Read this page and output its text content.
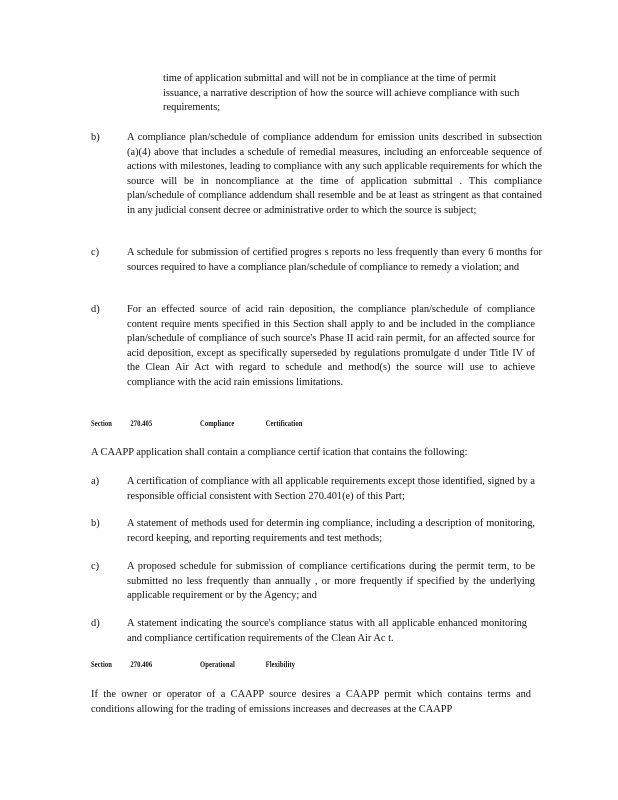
time of application submittal and will not be in compliance at the time of permit issuance, a narrative description of how the source will achieve compliance with such requirements;
b)	A compliance plan/schedule of compliance addendum for emission units described in subsection (a)(4) above that includes a schedule of remedial measures, including an enforceable sequence of actions with milestones, leading to compliance with any such applicable requirements for which the source will be in noncompliance at the time of application submittal . This compliance plan/schedule of compliance addendum shall resemble and be at least as stringent as that contained in any judicial consent decree or administrative order to which the source is subject;
c)	A schedule for submission of certified progres s reports no less frequently than every 6 months for sources required to have a compliance plan/schedule of compliance to remedy a violation; and
d)	For an effected source of acid rain deposition, the compliance plan/schedule of compliance content require ments specified in this Section shall apply to and be included in the compliance plan/schedule of compliance of such source's Phase II acid rain permit, for an affected source for acid deposition, except as specifically superseded by regulations promulgate d under Title IV of the Clean Air Act with regard to schedule and method(s) the source will use to achieve compliance with the acid rain emissions limitations.
Section 270.405	Compliance	Certification
A CAAPP application shall contain a compliance certif ication that contains the following:
a)	A certification of compliance with all applicable requirements except those identified, signed by a responsible official consistent with Section 270.401(e) of this Part;
b)	A statement of methods used for determin ing compliance, including a description of monitoring, record keeping, and reporting requirements and test methods;
c)	A proposed schedule for submission of compliance certifications during the permit term, to be submitted no less frequently than annually , or more frequently if specified by the underlying applicable requirement or by the Agency; and
d)	A statement indicating the source's compliance status with all applicable enhanced monitoring and compliance certification requirements of the Clean Air Ac t.
Section 270.406	Operational	Flexibility
If the owner or operator of a CAAPP source desires a CAAPP permit which contains terms and conditions allowing for the trading of emissions increases and decreases at the CAAPP
